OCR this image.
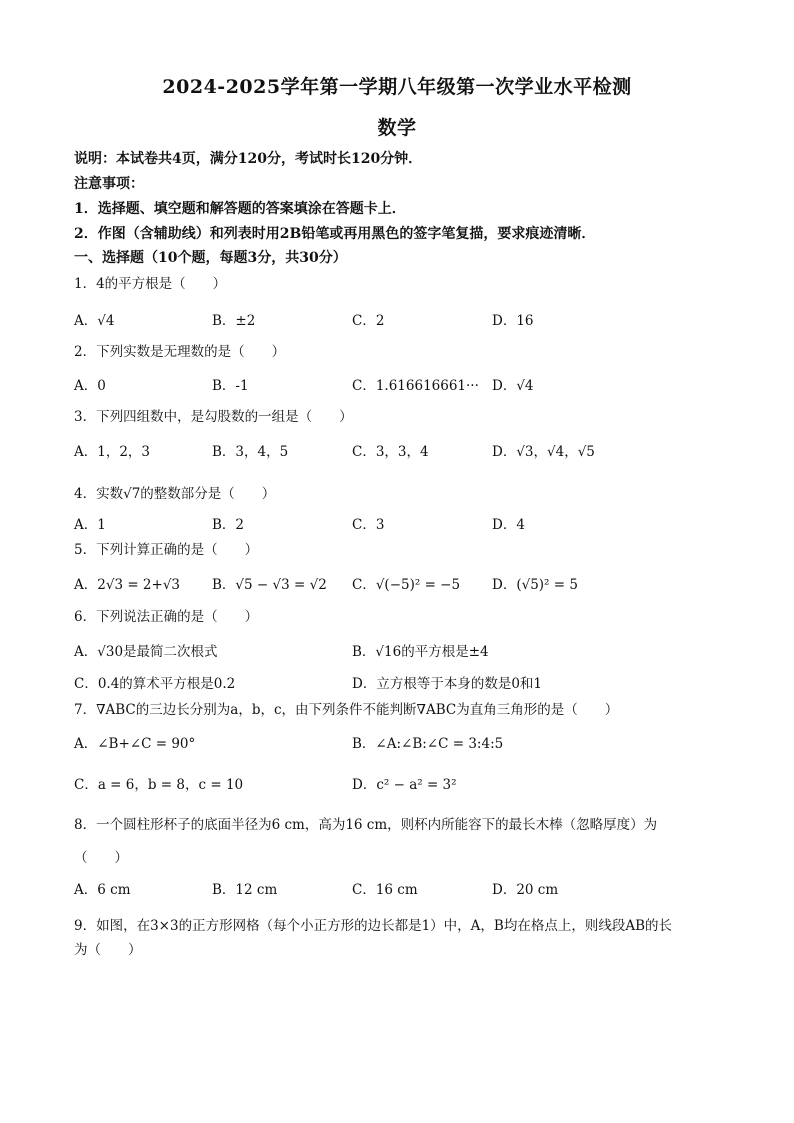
2024-2025学年第一学期八年级第一次学业水平检测
数学
说明：本试卷共4页，满分120分，考试时长120分钟．
注意事项：
1．选择题、填空题和解答题的答案填涂在答题卡上．
2．作图（含辅助线）和列表时用2B铅笔或再用黑色的签字笔复描，要求痕迹清晰．
一、选择题（10个题，每题3分，共30分）
1．4的平方根是（　　）
A．√4	B．±2	C．2	D．16
2．下列实数是无理数的是（　　）
A．0	B．-1	C．1.616616661··· D．√4
3．下列四组数中，是勾股数的一组是（　　）
A．1，2，3	B．3，4，5	C．3，3，4	D．√3，√4，√5
4．实数√7的整数部分是（　　）
A．1	B．2	C．3	D．4
5．下列计算正确的是（　　）
A．2√3 = 2+√3 B．√5 − √3 = √2 C．√(−5)² = −5 D．(√5)² = 5
6．下列说法正确的是（　　）
A．√30是最简二次根式	B．√16的平方根是±4
C．0.4的算术平方根是0.2	D．立方根等于本身的数是0和1
7．∇ABC的三边长分别为a，b，c，由下列条件不能判断∇ABC为直角三角形的是（　　）
A．∠B+∠C = 90°	B．∠A:∠B:∠C = 3:4:5
C．a = 6，b = 8，c = 10	D．c² − a² = 3²
8．一个圆柱形杯子的底面半径为6 cm，高为16 cm，则杯内所能容下的最长木棒（忽略厚度）为
（　　）
A．6 cm	B．12 cm	C．16 cm	D．20 cm
9．如图，在3×3的正方形网格（每个小正方形的边长都是1）中，A，B均在格点上，则线段AB的长
为（　　）
